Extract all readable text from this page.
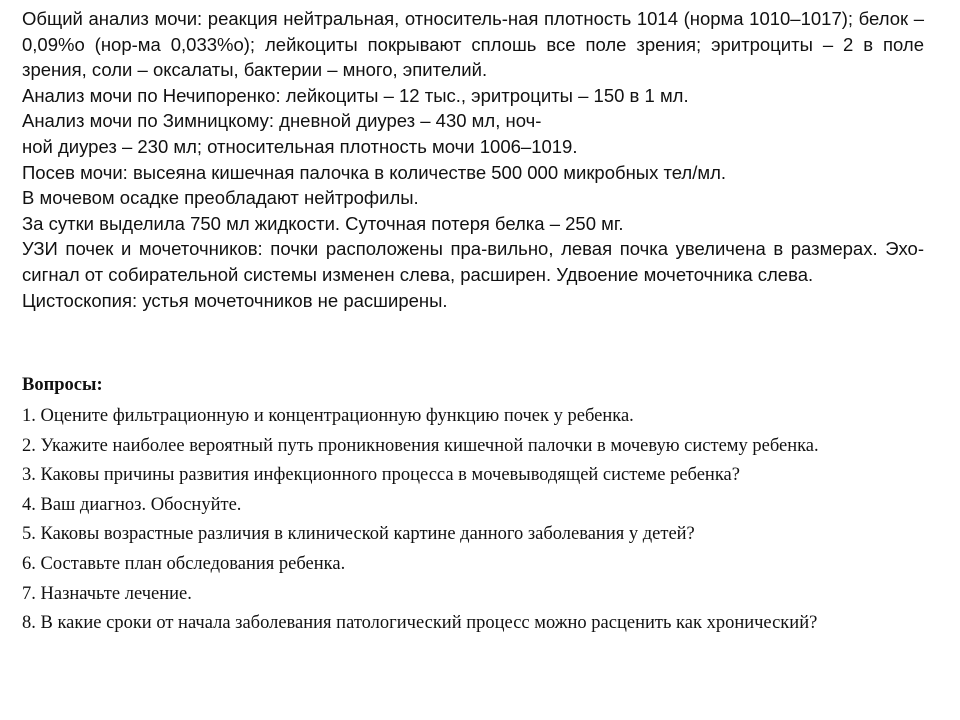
Общий анализ мочи: реакция нейтральная, относитель-ная плотность 1014 (норма 1010–1017); белок – 0,09%o (нор-ма 0,033%o); лейкоциты покрывают сплошь все поле зрения; эритроциты – 2 в поле зрения, соли – оксалаты, бактерии – много, эпителий.

Анализ мочи по Нечипоренко: лейкоциты – 12 тыс., эритроциты – 150 в 1 мл.

Анализ мочи по Зимницкому: дневной диурез – 430 мл, ноч-

ной диурез – 230 мл; относительная плотность мочи 1006–1019.

Посев мочи: высеяна кишечная палочка в количестве 500 000 микробных тел/мл.

В мочевом осадке преобладают нейтрофилы.

За сутки выделила 750 мл жидкости. Суточная потеря белка – 250 мг.

УЗИ почек и мочеточников: почки расположены пра-вильно, левая почка увеличена в размерах. Эхо-сигнал от собирательной системы изменен слева, расширен. Удвоение мочеточника слева.

Цистоскопия: устья мочеточников не расширены.

Вопросы:

1. Оцените фильтрационную и концентрационную функцию почек у ребенка.
2. Укажите наиболее вероятный путь проникновения кишечной палочки в мочевую систему ребенка.
3. Каковы причины развития инфекционного процесса в мочевыводящей системе ребенка?
4. Ваш диагноз. Обоснуйте.
5. Каковы возрастные различия в клинической картине данного заболевания у детей?
6. Составьте план обследования ребенка.
7. Назначьте лечение.
8. В какие сроки от начала заболевания патологический процесс можно расценить как хронический?
